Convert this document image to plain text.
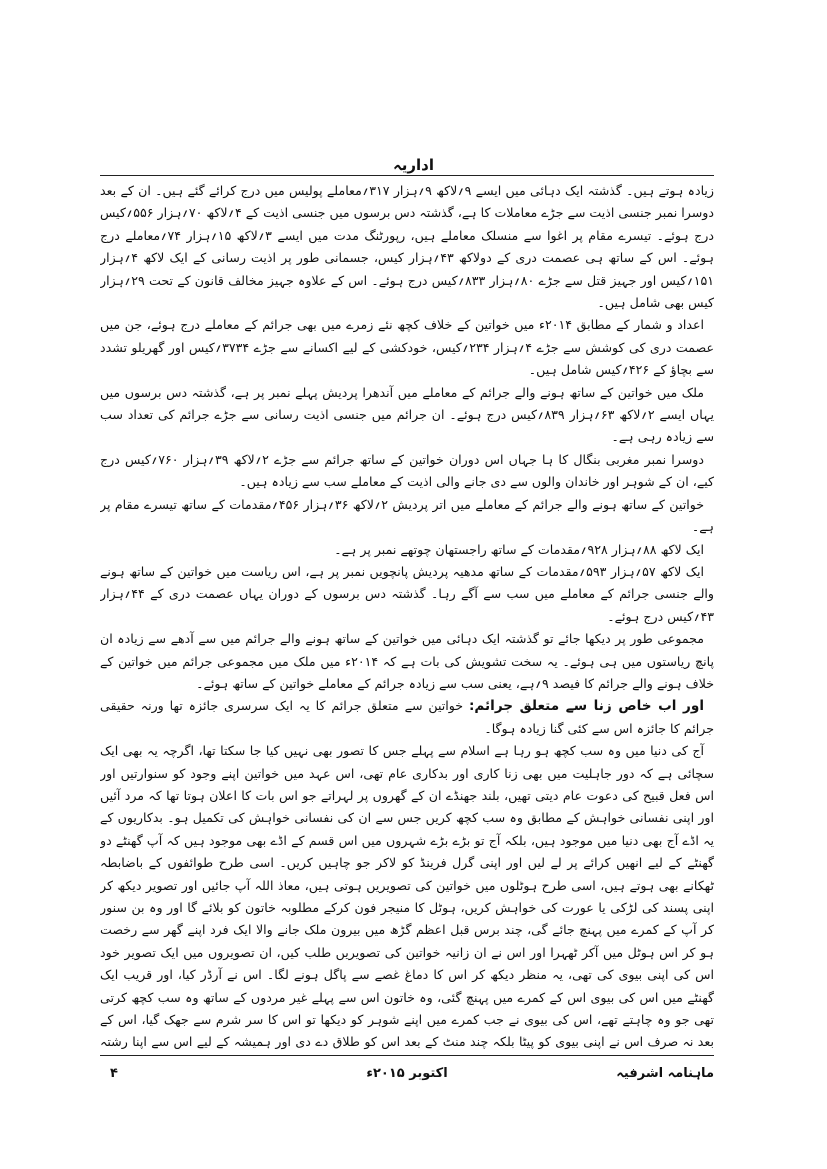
اداریہ

زیادہ ہوتے ہیں۔ گذشتہ ایک دہائی میں ایسے ۹؍لاکھ ۹؍ہزار ۳۱۷؍معاملے پولیس میں درج کرائے گئے ہیں۔ ان کے بعد دوسرا نمبر جنسی اذیت سے جڑے معاملات کا ہے، گذشتہ دس برسوں میں جنسی اذیت کے ۴؍لاکھ ۷۰؍ہزار ۵۵۶؍کیس درج ہوئے۔ تیسرے مقام پر اغوا سے منسلک معاملے ہیں، رپورٹنگ مدت میں ایسے ۳؍لاکھ ۱۵؍ہزار ۷۴؍معاملے درج ہوئے۔ اس کے ساتھ ہی عصمت دری کے دولاکھ ۴۳؍ہزار کیس، جسمانی طور پر اذیت رسانی کے ایک لاکھ ۴؍ہزار ۱۵۱؍کیس اور جہیز قتل سے جڑے ۸۰؍ہزار ۸۳۳؍کیس درج ہوئے۔ اس کے علاوہ جہیز مخالف قانون کے تحت ۲۹؍ہزار کیس بھی شامل ہیں۔

اعداد و شمار کے مطابق ۲۰۱۴ء میں خواتین کے خلاف کچھ نئے زمرے میں بھی جرائم کے معاملے درج ہوئے، جن میں عصمت دری کی کوشش سے جڑے ۴؍ہزار ۲۳۴؍کیس، خودکشی کے لیے اکسانے سے جڑے ۳۷۳۴؍کیس اور گھریلو تشدد سے بچاؤ کے ۴۲۶؍کیس شامل ہیں۔

ملک میں خواتین کے ساتھ ہونے والے جرائم کے معاملے میں آندھرا پردیش پہلے نمبر پر ہے، گذشتہ دس برسوں میں یہاں ایسے ۲؍لاکھ ۶۳؍ہزار ۸۳۹؍کیس درج ہوئے۔ ان جرائم میں جنسی اذیت رسانی سے جڑے جرائم کی تعداد سب سے زیادہ رہی ہے۔

دوسرا نمبر مغربی بنگال کا ہا جہاں اس دوران خواتین کے ساتھ جرائم سے جڑے ۲؍لاکھ ۳۹؍ہزار ۷۶۰؍کیس درج کیے، ان کے شوہر اور خاندان والوں سے دی جانے والی اذیت کے معاملے سب سے زیادہ ہیں۔

خواتین کے ساتھ ہونے والے جرائم کے معاملے میں اتر پردیش ۲؍لاکھ ۳۶؍ہزار ۴۵۶؍مقدمات کے ساتھ تیسرے مقام پر ہے۔

ایک لاکھ ۸۸؍ہزار ۹۲۸؍مقدمات کے ساتھ راجستھان چوتھے نمبر پر ہے۔

ایک لاکھ ۵۷؍ہزار ۵۹۳؍مقدمات کے ساتھ مدھیہ پردیش پانچویں نمبر پر ہے، اس ریاست میں خواتین کے ساتھ ہونے والے جنسی جرائم کے معاملے میں سب سے آگے رہا۔ گذشتہ دس برسوں کے دوران یہاں عصمت دری کے ۴۴؍ہزار ۴۳؍کیس درج ہوئے۔

مجموعی طور پر دیکھا جائے تو گذشتہ ایک دہائی میں خواتین کے ساتھ ہونے والے جرائم میں سے آدھے سے زیادہ ان پانچ ریاستوں میں ہی ہوئے۔ یہ سخت تشویش کی بات ہے کہ ۲۰۱۴ء میں ملک میں مجموعی جرائم میں خواتین کے خلاف ہونے والے جرائم کا فیصد ۹؍ہے، یعنی سب سے زیادہ جرائم کے معاملے خواتین کے ساتھ ہوئے۔

اور اب خاص زنا سے متعلق جرائم: خواتین سے متعلق جرائم کا یہ ایک سرسری جائزہ تھا ورنہ حقیقی جرائم کا جائزہ اس سے کئی گنا زیادہ ہوگا۔

آج کی دنیا میں وہ سب کچھ ہو رہا ہے اسلام سے پہلے جس کا تصور بھی نہیں کیا جا سکتا تھا، اگرچہ یہ بھی ایک سچائی ہے کہ دور جاہلیت میں بھی زنا کاری اور بدکاری عام تھی، اس عہد میں خواتین اپنے وجود کو سنوارتیں اور اس فعل قبیح کی دعوت عام دیتی تھیں، بلند جھنڈے ان کے گھروں پر لہراتے جو اس بات کا اعلان ہوتا تھا کہ مرد آئیں اور اپنی نفسانی خواہش کے مطابق وہ سب کچھ کریں جس سے ان کی نفسانی خواہش کی تکمیل ہو۔ بدکاریوں کے یہ اڈے آج بھی دنیا میں موجود ہیں، بلکہ آج تو بڑے بڑے شہروں میں اس قسم کے اڈے بھی موجود ہیں کہ آپ گھنٹے دو گھنٹے کے لیے انھیں کرائے پر لے لیں اور اپنی گرل فرینڈ کو لاکر جو چاہیں کریں۔ اسی طرح طوائفوں کے باضابطہ ٹھکانے بھی ہوتے ہیں، اسی طرح ہوٹلوں میں خواتین کی تصویریں ہوتی ہیں، معاذ اللہ آپ جائیں اور تصویر دیکھ کر اپنی پسند کی لڑکی یا عورت کی خواہش کریں، ہوٹل کا منیجر فون کرکے مطلوبہ خاتون کو بلائے گا اور وہ بن سنور کر آپ کے کمرے میں پہنچ جائے گی، چند برس قبل اعظم گڑھ میں بیرون ملک جانے والا ایک فرد اپنے گھر سے رخصت ہو کر اس ہوٹل میں آکر ٹھہرا اور اس نے ان زانیہ خواتین کی تصویریں طلب کیں، ان تصویروں میں ایک تصویر خود اس کی اپنی بیوی کی تھی، یہ منظر دیکھ کر اس کا دماغ غصے سے پاگل ہونے لگا۔ اس نے آرڈر کیا، اور قریب ایک گھنٹے میں اس کی بیوی اس کے کمرے میں پہنچ گئی، وہ خاتون اس سے پہلے غیر مردوں کے ساتھ وہ سب کچھ کرتی تھی جو وہ چاہتے تھے، اس کی بیوی نے جب کمرے میں اپنے شوہر کو دیکھا تو اس کا سر شرم سے جھک گیا، اس کے بعد نہ صرف اس نے اپنی بیوی کو پیٹا بلکہ چند منٹ کے بعد اس کو طلاق دے دی اور ہمیشہ کے لیے اس سے اپنا رشتہ

ماہنامہ اشرفیہ
اکتوبر ۲۰۱۵ء
۴
